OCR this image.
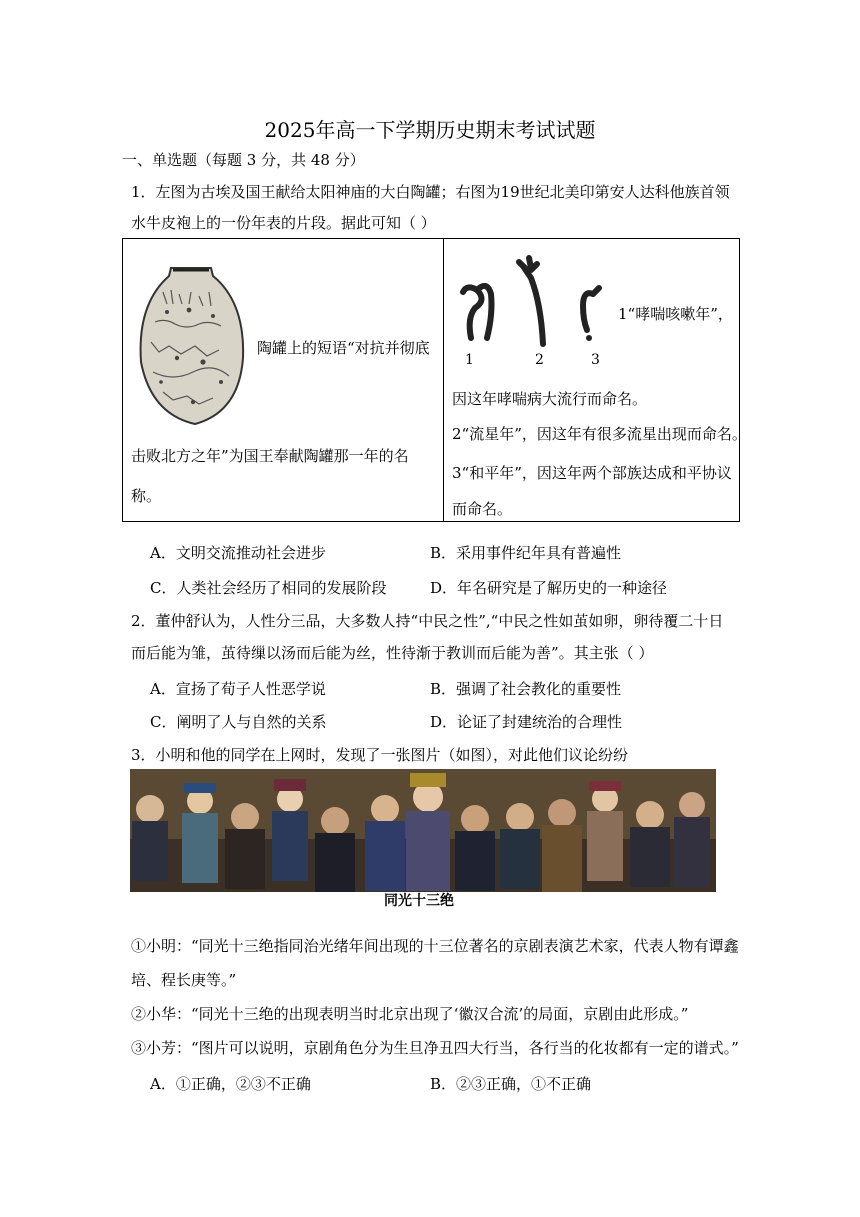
2025年高一下学期历史期末考试试题
一、单选题（每题 3 分，共 48 分）
1．左图为古埃及国王献给太阳神庙的大白陶罐；右图为19世纪北美印第安人达科他族首领
水牛皮袍上的一份年表的片段。据此可知（ ）

陶罐上的短语“对抗并彻底
击败北方之年”为国王奉献陶罐那一年的名
称。
1	2	3
1“哮喘咳嗽年”，
因这年哮喘病大流行而命名。
2“流星年”，因这年有很多流星出现而命名。
3“和平年”，因这年两个部族达成和平协议
而命名。
A．文明交流推动社会进步	B．采用事件纪年具有普遍性
C．人类社会经历了相同的发展阶段	D．年名研究是了解历史的一种途径
2．董仲舒认为，人性分三品，大多数人持“中民之性”,“中民之性如茧如卵，卵待覆二十日
而后能为雏，茧待缫以汤而后能为丝，性待渐于教训而后能为善”。其主张（ ）
A．宣扬了荀子人性恶学说	B．强调了社会教化的重要性
C．阐明了人与自然的关系	D．论证了封建统治的合理性
3．小明和他的同学在上网时，发现了一张图片（如图），对此他们议论纷纷
同光十三绝
①小明：“同光十三绝指同治光绪年间出现的十三位著名的京剧表演艺术家，代表人物有谭鑫
培、程长庚等。”
②小华：“同光十三绝的出现表明当时北京出现了‘徽汉合流’的局面，京剧由此形成。”
③小芳：“图片可以说明，京剧角色分为生旦净丑四大行当，各行当的化妆都有一定的谱式。”
A．①正确，②③不正确	B．②③正确，①不正确
